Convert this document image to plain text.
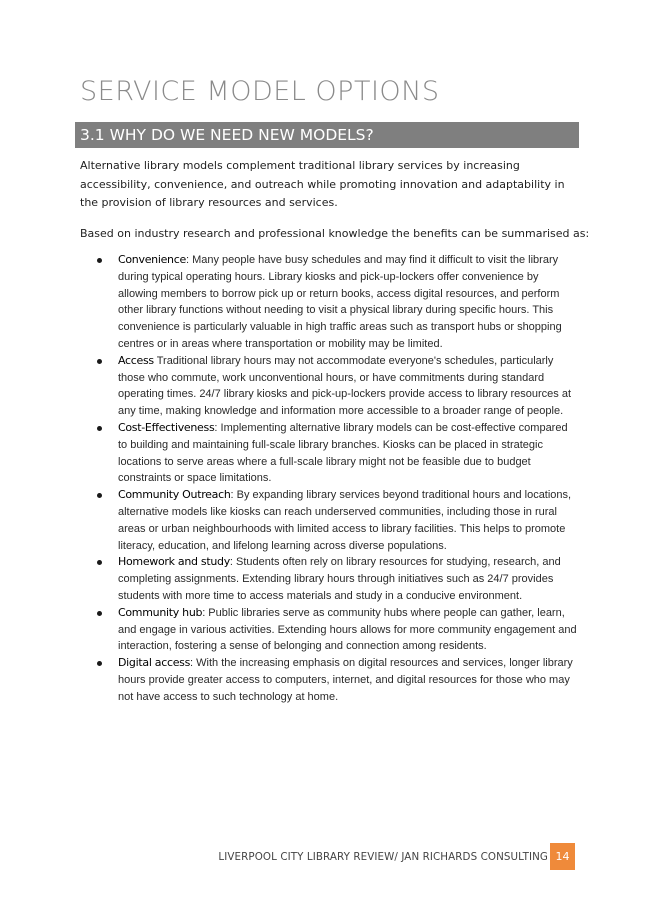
SERVICE MODEL OPTIONS
3.1 WHY DO WE NEED NEW MODELS?

Alternative library models complement traditional library services by increasing accessibility, convenience, and outreach while promoting innovation and adaptability in the provision of library resources and services.

Based on industry research and professional knowledge the benefits can be summarised as:

Convenience: Many people have busy schedules and may find it difficult to visit the library during typical operating hours. Library kiosks and pick-up-lockers offer convenience by allowing members to borrow pick up or return books, access digital resources, and perform other library functions without needing to visit a physical library during specific hours. This convenience is particularly valuable in high traffic areas such as transport hubs or shopping centres or in areas where transportation or mobility may be limited.
Access Traditional library hours may not accommodate everyone's schedules, particularly those who commute, work unconventional hours, or have commitments during standard operating times. 24/7 library kiosks and pick-up-lockers provide access to library resources at any time, making knowledge and information more accessible to a broader range of people.
Cost-Effectiveness: Implementing alternative library models can be cost-effective compared to building and maintaining full-scale library branches. Kiosks can be placed in strategic locations to serve areas where a full-scale library might not be feasible due to budget constraints or space limitations.
Community Outreach: By expanding library services beyond traditional hours and locations, alternative models like kiosks can reach underserved communities, including those in rural areas or urban neighbourhoods with limited access to library facilities. This helps to promote literacy, education, and lifelong learning across diverse populations.
Homework and study: Students often rely on library resources for studying, research, and completing assignments. Extending library hours through initiatives such as 24/7 provides students with more time to access materials and study in a conducive environment.
Community hub: Public libraries serve as community hubs where people can gather, learn, and engage in various activities. Extending hours allows for more community engagement and interaction, fostering a sense of belonging and connection among residents.
Digital access: With the increasing emphasis on digital resources and services, longer library hours provide greater access to computers, internet, and digital resources for those who may not have access to such technology at home.
LIVERPOOL CITY LIBRARY REVIEW/ JAN RICHARDS CONSULTING 14
